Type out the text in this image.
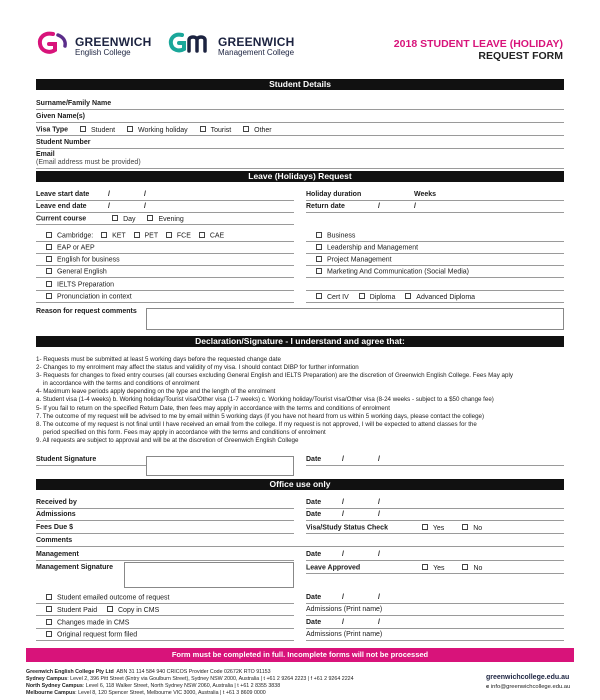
GREENWICH
English College
GREENWICH
Management College
2018 STUDENT LEAVE (HOLIDAY)
REQUEST FORM
Student Details
Surname/Family Name
Given Name(s)
Visa Type	Student	Working holiday	Tourist	Other
Student Number
Email
(Email address must be provided)
Leave (Holidays) Request
Leave start date	/	/	Holiday duration	Weeks
Leave end date	/	/	Return date	/	/
Current course	Day	Evening
Cambridge:	KET	PET	FCE	CAE
EAP or AEP
English for business
General English
IELTS Preparation
Pronunciation in context
Business
Leadership and Management
Project Management
Marketing And Communication (Social Media)
Cert IV	Diploma	Advanced Diploma
Reason for request comments
Declaration/Signature - I understand and agree that:

1- Requests must be submitted at least 5 working days before the requested change date

2- Changes to my enrolment may affect the status and validity of my visa. I should contact DIBP for further information

3- Requests for changes to fixed entry courses (all courses excluding General English and IELTS Preparation) are the discretion of Greenwich English College. Fees May aply

in accordance with the terms and conditions of enrolment

4- Maximum leave periods apply depending on the type and the length of the enrolment

a. Student visa (1-4 weeks) b. Working holiday/Tourist visa/Other visa (1-7 weeks) c. Working holiday/Tourist visa/Other visa (8-24 weeks - subject to a $50 change fee)

5- If you fail to return on the specified Return Date, then fees may apply in accordance with the terms and conditions of enrolment

7. The outcome of my request will be advised to me by email within 5 working days (if you have not heard from us within 5 working days, please contact the college)

8. The outcome of my request is not final until I have received an email from the college. If my request is not approved, I will be expected to attend classes for the

period specified on this form. Fees may apply in accordance with the terms and conditions of enrolment

9. All requests are subject to approval and will be at the discretion of Greenwich English College

Student Signature	Date	/	/
Office use only
Received by	Date	/	/
Admissions	Date	/	/
Fees Due $	Visa/Study Status Check	Yes	No
Comments
Management	Date	/	/
Management Signature	Leave Approved	Yes	No
Student emailed outcome of request	Date	/	/
Student Paid	Copy in CMS	Admissions (Print name)
Changes made in CMS	Date	/	/
Original request form filed	Admissions (Print name)
Form must be completed in full. Incomplete forms will not be processed
Greenwich English College Pty Ltd ABN 31 114 584 940 CRICOS Provider Code 02672K RTO 91153
Sydney Campus: Level 2, 396 Pitt Street (Entry via Goulburn Street), Sydney NSW 2000, Australia | t +61 2 9264 2223 | f +61 2 9264 2224
North Sydney Campus: Level 6, 118 Walker Street, North Sydney NSW 2060, Australia | t +61 2 8355 3838
Melbourne Campus: Level 8, 120 Spencer Street, Melbourne VIC 3000, Australia | t +61 3 8609 0000
greenwichcollege.edu.au
e info@greenwichcollege.edu.au
